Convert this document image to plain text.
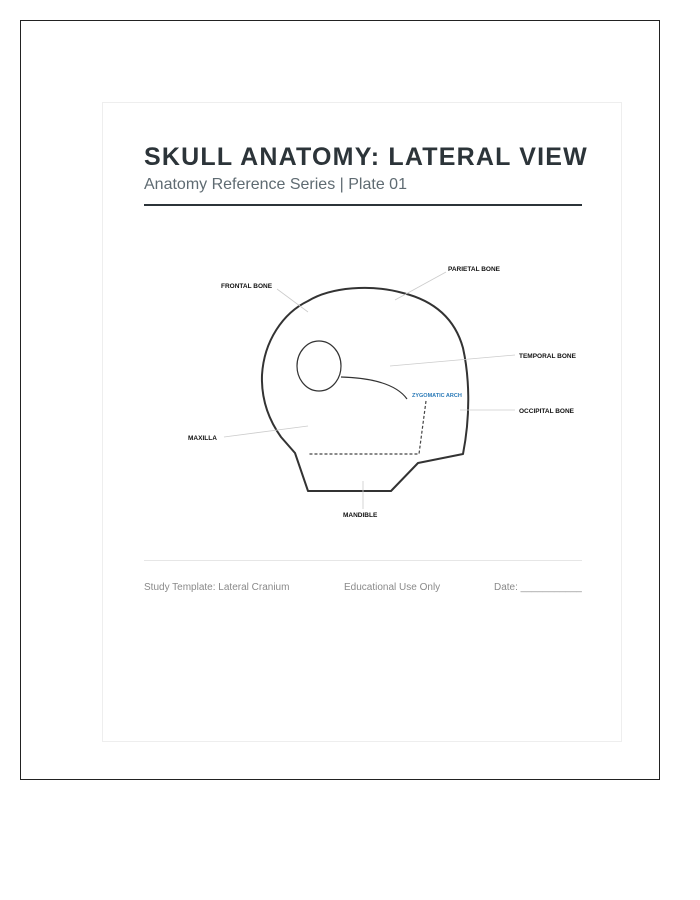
SKULL ANATOMY: LATERAL VIEW
Anatomy Reference Series | Plate 01
FRONTAL BONE
PARIETAL BONE
TEMPORAL BONE
ZYGOMATIC ARCH
OCCIPITAL BONE
MAXILLA
MANDIBLE
Study Template: Lateral Cranium	Educational Use Only	Date: ___________
